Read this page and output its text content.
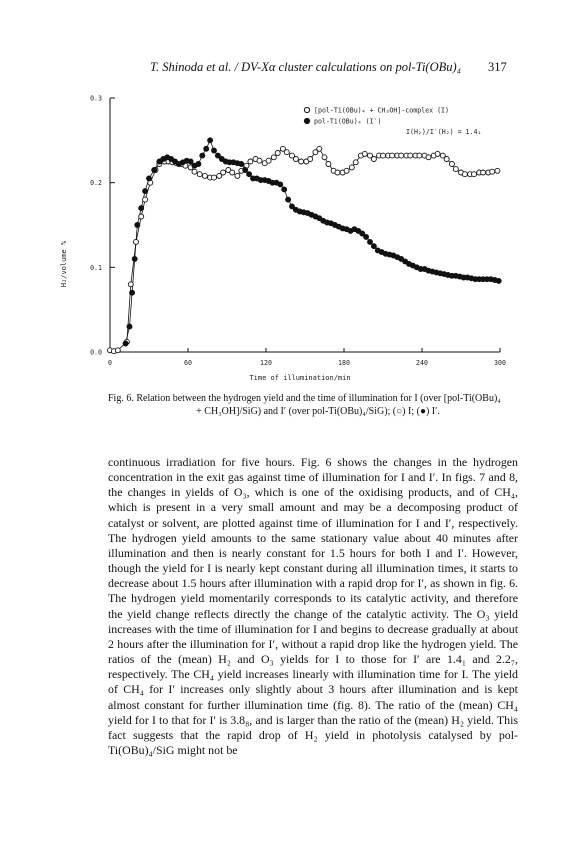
T. Shinoda et al. / DV-Xα cluster calculations on pol-Ti(OBu)₄ 317
0.0
0.1
0.2
0.3
0	60	120	180	240	300
Time of illumination/min
H₂/volume %
[pol-Ti(OBu)₄ + CH₃OH]-complex (I)
pol-Ti(OBu)₄ (I′)
I(H₂)/I′(H₂) = 1.4₁

Fig. 6. Relation between the hydrogen yield and the time of illumination for I (over [pol-Ti(OBu)₄

+ CH₃OH]/SiG) and I′ (over pol-Ti(OBu)₄/SiG); (○) I; (●) I′.

continuous irradiation for five hours. Fig. 6 shows the changes in the hydrogen concentration in the exit gas against time of illumination for I and I′. In figs. 7 and 8, the changes in yields of O₃, which is one of the oxidising products, and of CH₄, which is present in a very small amount and may be a decomposing product of catalyst or solvent, are plotted against time of illumination for I and I′, respectively. The hydrogen yield amounts to the same stationary value about 40 minutes after illumination and then is nearly constant for 1.5 hours for both I and I′. However, though the yield for I is nearly kept constant during all illumination times, it starts to decrease about 1.5 hours after illumination with a rapid drop for I′, as shown in fig. 6. The hydrogen yield momentarily corresponds to its catalytic activity, and therefore the yield change reflects directly the change of the catalytic activity. The O₃ yield increases with the time of illumination for I and begins to decrease gradually at about 2 hours after the illumination for I′, without a rapid drop like the hydrogen yield. The ratios of the (mean) H₂ and O₃ yields for I to those for I′ are 1.4₁ and 2.2₇, respectively. The CH₄ yield increases linearly with illumination time for I. The yield of CH₄ for I′ increases only slightly about 3 hours after illumination and is kept almost constant for further illumination time (fig. 8). The ratio of the (mean) CH₄ yield for I to that for I′ is 3.8₈, and is larger than the ratio of the (mean) H₂ yield. This fact suggests that the rapid drop of H₂ yield in photolysis catalysed by pol-Ti(OBu)₄/SiG might not be
